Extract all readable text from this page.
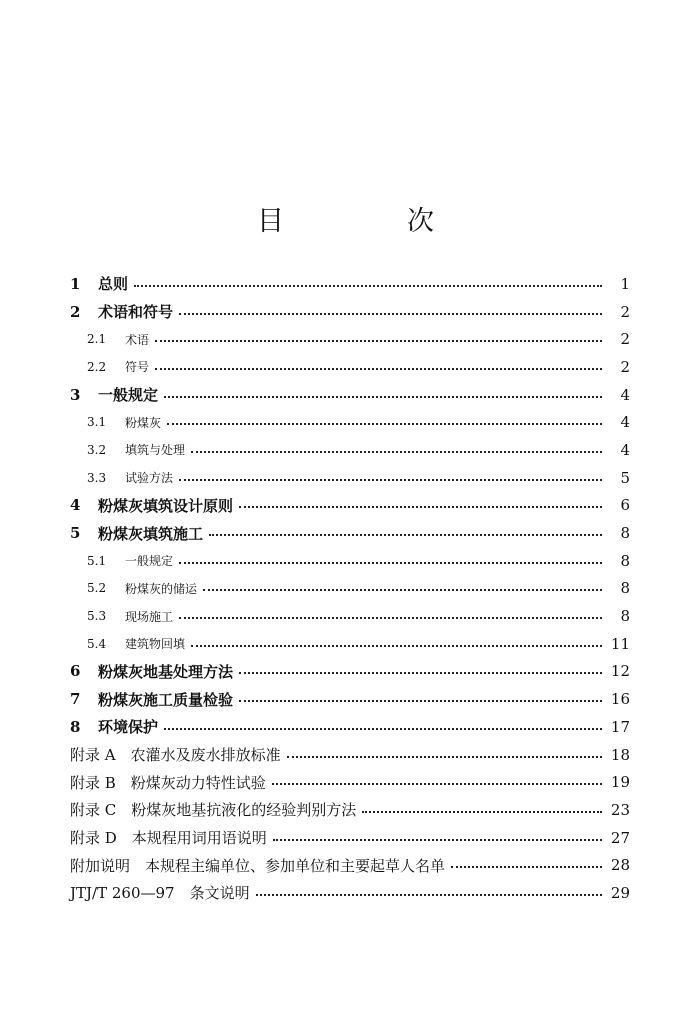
目　次
1	总则	1
2	术语和符号	2
2.1	术语	2
2.2	符号	2
3	一般规定	4
3.1	粉煤灰	4
3.2	填筑与处理	4
3.3	试验方法	5
4	粉煤灰填筑设计原则	6
5	粉煤灰填筑施工	8
5.1	一般规定	8
5.2	粉煤灰的储运	8
5.3	现场施工	8
5.4	建筑物回填	11
6	粉煤灰地基处理方法	12
7	粉煤灰施工质量检验	16
8	环境保护	17
附录 A　农灌水及废水排放标准	18
附录 B　粉煤灰动力特性试验	19
附录 C　粉煤灰地基抗液化的经验判别方法	23
附录 D　本规程用词用语说明	27
附加说明　本规程主编单位、参加单位和主要起草人名单	28
JTJ/T 260—97　条文说明	29
